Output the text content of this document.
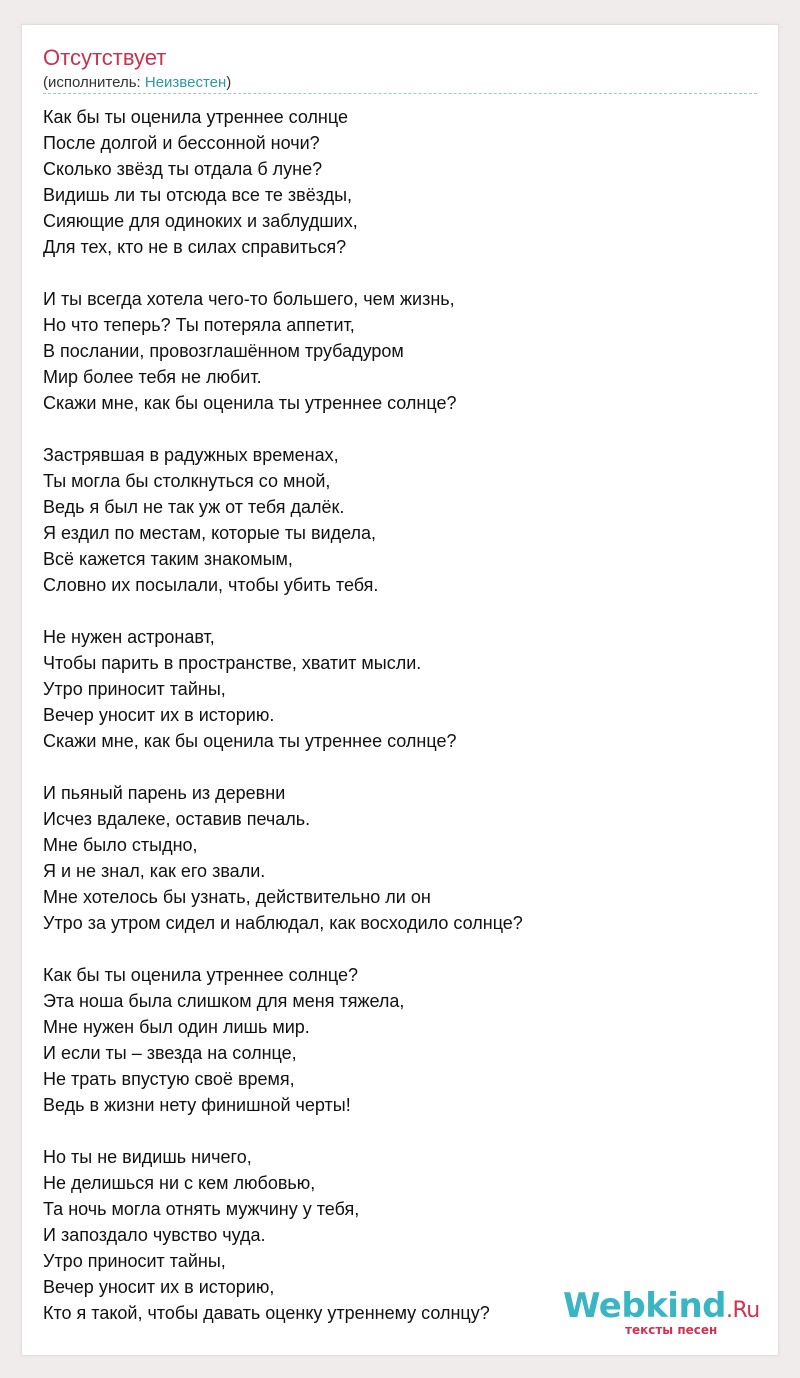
Отсутствует
(исполнитель: Неизвестен)
Как бы ты оценила утреннее солнце
После долгой и бессонной ночи?
Сколько звёзд ты отдала б луне?
Видишь ли ты отсюда все те звёзды,
Сияющие для одиноких и заблудших,
Для тех, кто не в силах справиться?
И ты всегда хотела чего-то большего, чем жизнь,
Но что теперь? Ты потеряла аппетит,
В послании, провозглашённом трубадуром
Мир более тебя не любит.
Скажи мне, как бы оценила ты утреннее солнце?
Застрявшая в радужных временах,
Ты могла бы столкнуться со мной,
Ведь я был не так уж от тебя далёк.
Я ездил по местам, которые ты видела,
Всё кажется таким знакомым,
Словно их посылали, чтобы убить тебя.
Не нужен астронавт,
Чтобы парить в пространстве, хватит мысли.
Утро приносит тайны,
Вечер уносит их в историю.
Скажи мне, как бы оценила ты утреннее солнце?
И пьяный парень из деревни
Исчез вдалеке, оставив печаль.
Мне было стыдно,
Я и не знал, как его звали.
Мне хотелось бы узнать, действительно ли он
Утро за утром сидел и наблюдал, как восходило солнце?
Как бы ты оценила утреннее солнце?
Эта ноша была слишком для меня тяжела,
Мне нужен был один лишь мир.
И если ты – звезда на солнце,
Не трать впустую своё время,
Ведь в жизни нету финишной черты!
Но ты не видишь ничего,
Не делишься ни с кем любовью,
Та ночь могла отнять мужчину у тебя,
И запоздало чувство чуда.
Утро приносит тайны,
Вечер уносит их в историю,
Кто я такой, чтобы давать оценку утреннему солнцу?	Webkind.Ru
тексты песен
